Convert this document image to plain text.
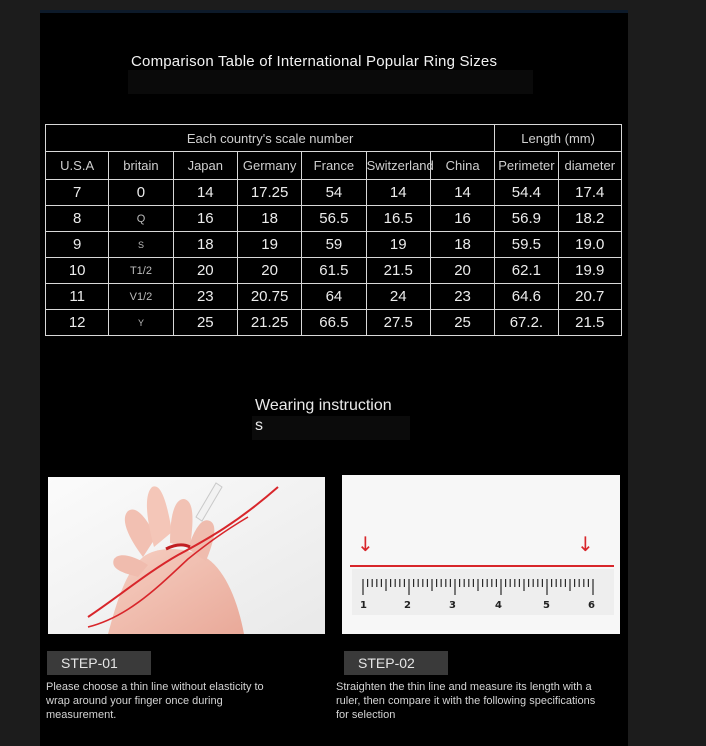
Comparison Table of International Popular Ring Sizes
Each country's scale number							Length (mm)	
U.S.A	britain	Japan	Germany	France	Switzerland	China	Perimeter	diameter
7	0	14	17.25	54	14	14	54.4	17.4
8	Q	16	18	56.5	16.5	16	56.9	18.2
9	S	18	19	59	19	18	59.5	19.0
10	T1/2	20	20	61.5	21.5	20	62.1	19.9
11	V1/2	23	20.75	64	24	23	64.6	20.7
12	Y	25	21.25	66.5	27.5	25	67.2.	21.5
Wearing instruction
s
↓	↓
1	2	3	4	5	6
STEP-01
Please choose a thin line without elasticity to wrap around your finger once during measurement.
STEP-02
Straighten the thin line and measure its length with a ruler, then compare it with the following specifications for selection
